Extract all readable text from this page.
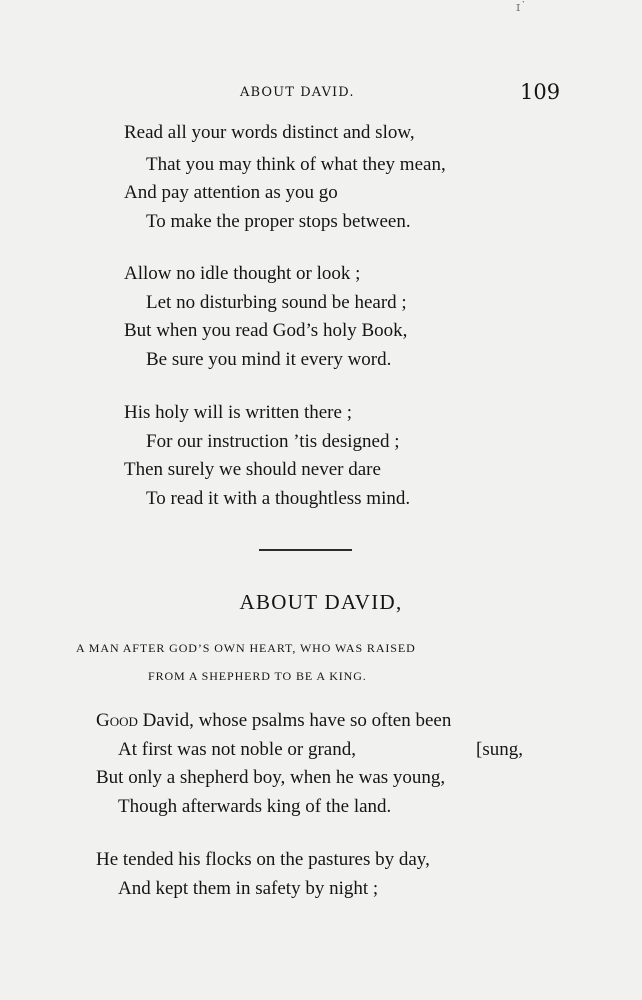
ɪ˙
ABOUT DAVID.	109
Read all your words distinct and slow,
That you may think of what they mean,
And pay attention as you go
To make the proper stops between.
Allow no idle thought or look ;
Let no disturbing sound be heard ;
But when you read God’s holy Book,
Be sure you mind it every word.
His holy will is written there ;
For our instruction ’tis designed ;
Then surely we should never dare
To read it with a thoughtless mind.
ABOUT DAVID,
A MAN AFTER GOD’S OWN HEART, WHO WAS RAISED
FROM A SHEPHERD TO BE A KING.
Good David, whose psalms have so often been
At first was not noble or grand,	[sung,
But only a shepherd boy, when he was young,
Though afterwards king of the land.
He tended his flocks on the pastures by day,
And kept them in safety by night ;
